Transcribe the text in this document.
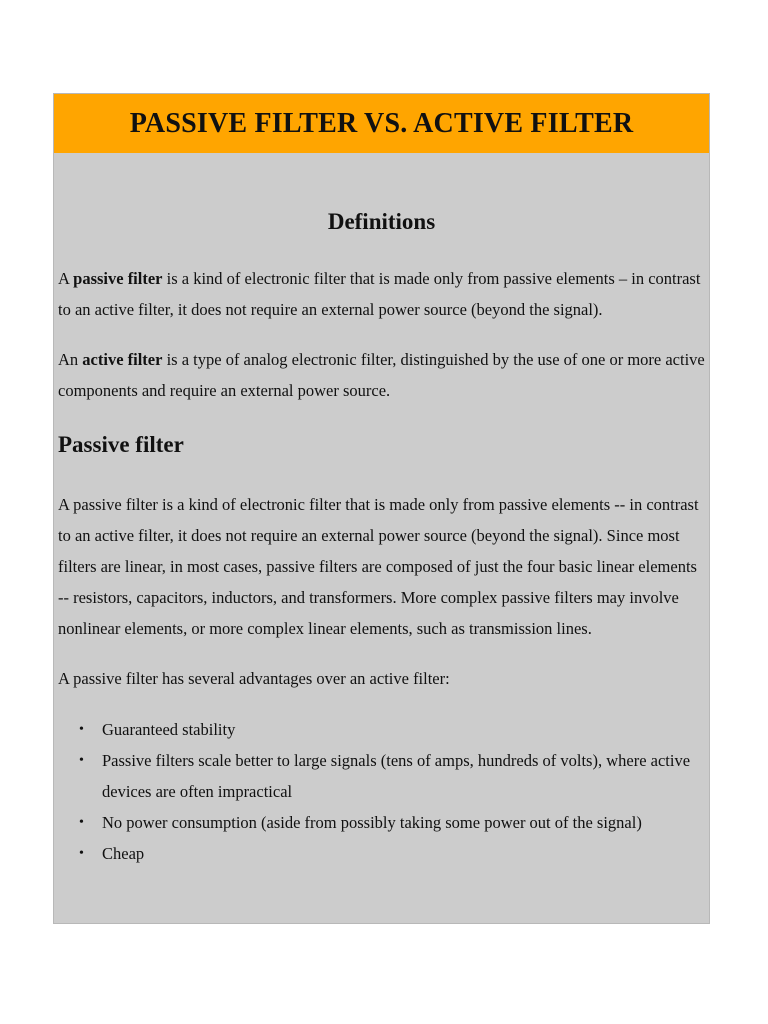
PASSIVE FILTER VS. ACTIVE FILTER
Definitions

A passive filter is a kind of electronic filter that is made only from passive elements – in contrast to an active filter, it does not require an external power source (beyond the signal).

An active filter is a type of analog electronic filter, distinguished by the use of one or more active components and require an external power source.

Passive filter

A passive filter is a kind of electronic filter that is made only from passive elements -- in contrast to an active filter, it does not require an external power source (beyond the signal). Since most filters are linear, in most cases, passive filters are composed of just the four basic linear elements -- resistors, capacitors, inductors, and transformers. More complex passive filters may involve nonlinear elements, or more complex linear elements, such as transmission lines.

A passive filter has several advantages over an active filter:

• Guaranteed stability
• Passive filters scale better to large signals (tens of amps, hundreds of volts), where active devices are often impractical
• No power consumption (aside from possibly taking some power out of the signal)
• Cheap
